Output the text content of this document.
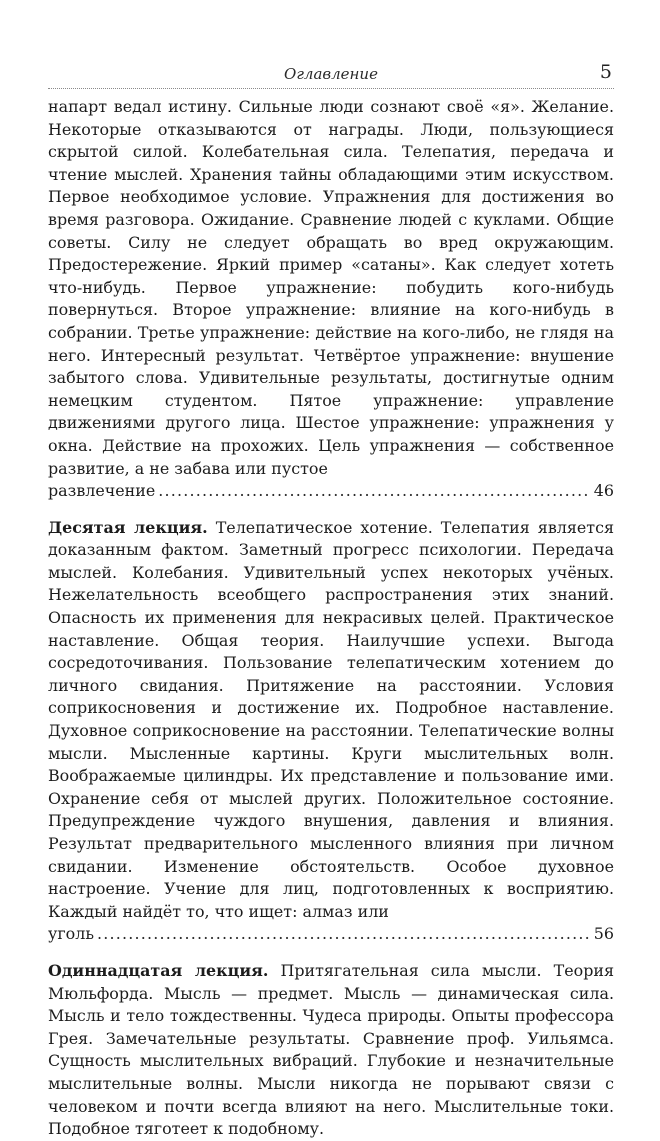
Оглавление	5
напарт ведал истину. Сильные люди сознают своё «я». Желание. Некоторые отказываются от награды. Люди, пользующиеся скрытой силой. Колебательная сила. Телепатия, передача и чтение мыслей. Хранения тайны обладающими этим искусством. Первое необходимое условие. Упражнения для достижения во время разговора. Ожидание. Сравнение людей с куклами. Общие советы. Силу не следует обращать во вред окружающим. Предостережение. Яркий пример «сатаны». Как следует хотеть что-нибудь. Первое упражнение: побудить кого-нибудь повернуться. Второе упражнение: влияние на кого-нибудь в собрании. Третье упражнение: действие на кого-либо, не глядя на него. Интересный результат. Четвёртое упражнение: внушение забытого слова. Удивительные результаты, достигнутые одним немецким студентом. Пятое упражнение: управление движениями другого лица. Шестое упражнение: упражнения у окна. Действие на прохожих. Цель упражнения — собственное развитие, а не забава или пустое
развлечение .....	46
Десятая лекция. Телепатическое хотение. Телепатия является доказанным фактом. Заметный прогресс психологии. Передача мыслей. Колебания. Удивительный успех некоторых учёных. Нежелательность всеобщего распространения этих знаний. Опасность их применения для некрасивых целей. Практическое наставление. Общая теория. Наилучшие успехи. Выгода сосредоточивания. Пользование телепатическим хотением до личного свидания. Притяжение на расстоянии. Условия соприкосновения и достижение их. Подробное наставление. Духовное соприкосновение на расстоянии. Телепатические волны мысли. Мысленные картины. Круги мыслительных волн. Воображаемые цилиндры. Их представление и пользование ими. Охранение себя от мыслей других. Положительное состояние. Предупреждение чуждого внушения, давления и влияния. Результат предварительного мысленного влияния при личном свидании. Изменение обстоятельств. Особое духовное настроение. Учение для лиц, подготовленных к восприятию. Каждый найдёт то, что ищет: алмаз или
уголь .....	56
Одиннадцатая лекция. Притягательная сила мысли. Теория Мюльфорда. Мысль — предмет. Мысль — динамическая сила. Мысль и тело тождественны. Чудеса природы. Опыты профессора Грея. Замечательные результаты. Сравнение проф. Уильямса. Сущность мыслительных вибраций. Глубокие и незначительные мыслительные волны. Мысли никогда не порывают связи с человеком и почти всегда влияют на него. Мыслительные токи. Подобное тяготеет к подобному.
